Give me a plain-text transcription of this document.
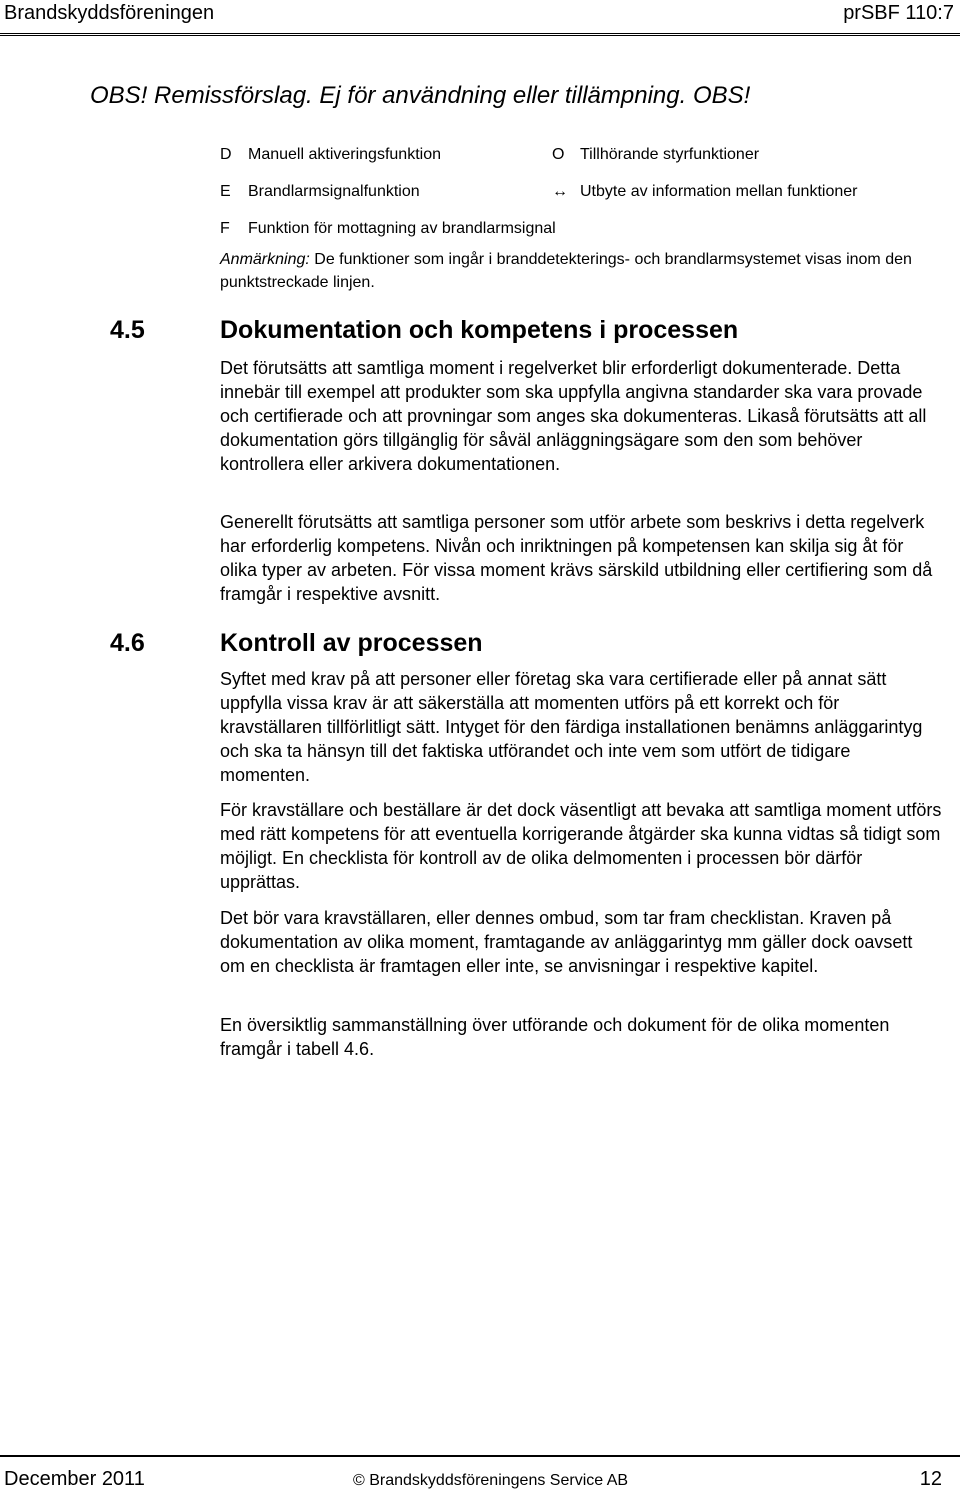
Brandskyddsföreningen	prSBF 110:7
OBS! Remissförslag. Ej för användning eller tillämpning. OBS!
D	Manuell aktiveringsfunktion	O Tillhörande styrfunktioner
E	Brandlarmsignalfunktion	↔ Utbyte av information mellan funktioner
F	Funktion för mottagning av brandlarmsignal
Anmärkning: De funktioner som ingår i branddetekterings- och brandlarmsystemet visas inom den punktstreckade linjen.
4.5	Dokumentation och kompetens i processen

Det förutsätts att samtliga moment i regelverket blir erforderligt dokumenterade. Detta innebär till exempel att produkter som ska uppfylla angivna standarder ska vara provade och certifierade och att provningar som anges ska dokumenteras. Likaså förutsätts att all dokumentation görs tillgänglig för såväl anläggningsägare som den som behöver kontrollera eller arkivera dokumentationen.

Generellt förutsätts att samtliga personer som utför arbete som beskrivs i detta regelverk har erforderlig kompetens. Nivån och inriktningen på kompetensen kan skilja sig åt för olika typer av arbeten. För vissa moment krävs särskild utbildning eller certifiering som då framgår i respektive avsnitt.

4.6	Kontroll av processen

Syftet med krav på att personer eller företag ska vara certifierade eller på annat sätt uppfylla vissa krav är att säkerställa att momenten utförs på ett korrekt och för kravställaren tillförlitligt sätt. Intyget för den färdiga installationen benämns anläggarintyg och ska ta hänsyn till det faktiska utförandet och inte vem som utfört de tidigare momenten.

För kravställare och beställare är det dock väsentligt att bevaka att samtliga moment utförs med rätt kompetens för att eventuella korrigerande åtgärder ska kunna vidtas så tidigt som möjligt. En checklista för kontroll av de olika delmomenten i processen bör därför upprättas.

Det bör vara kravställaren, eller dennes ombud, som tar fram checklistan. Kraven på dokumentation av olika moment, framtagande av anläggarintyg mm gäller dock oavsett om en checklista är framtagen eller inte, se anvisningar i respektive kapitel.

En översiktlig sammanställning över utförande och dokument för de olika momenten framgår i tabell 4.6.

December 2011	© Brandskyddsföreningens Service AB	12
